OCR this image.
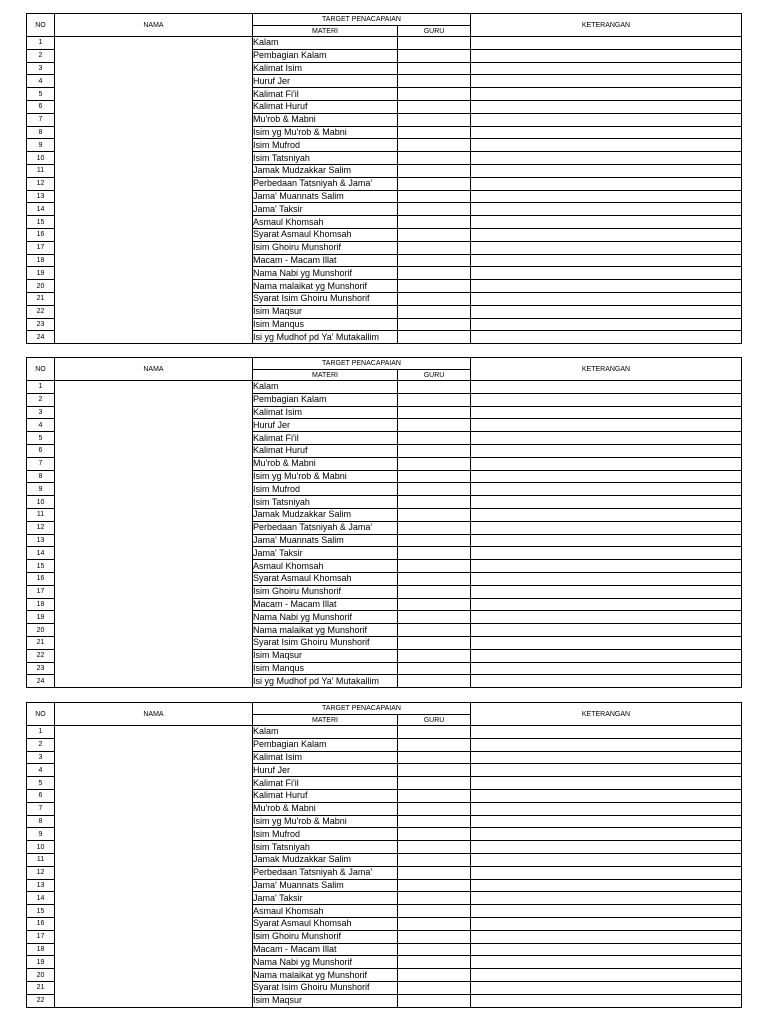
NO	NAMA	TARGET PENACAPAIAN		KETERANGAN
		MATERI	GURU	
1		Kalam		
2		Pembagian Kalam		
3		Kalimat Isim		
4		Huruf Jer		
5		Kalimat Fi'il		
6		Kalimat Huruf		
7		Mu'rob & Mabni		
8		Isim yg Mu'rob & Mabni		
9		Isim Mufrod		
10		Isim Tatsniyah		
11		Jamak Mudzakkar Salim		
12		Perbedaan Tatsniyah & Jama'		
13		Jama' Muannats Salim		
14		Jama' Taksir		
15		Asmaul Khomsah		
16		Syarat Asmaul Khomsah		
17		Isim Ghoiru Munshorif		
18		Macam - Macam Illat		
19		Nama Nabi yg Munshorif		
20		Nama malaikat yg Munshorif		
21		Syarat Isim Ghoiru Munshorif		
22		Isim Maqsur		
23		Isim Manqus		
24		Isi yg Mudhof pd Ya' Mutakallim		
NO	NAMA	TARGET PENACAPAIAN		KETERANGAN
		MATERI	GURU	
1		Kalam		
2		Pembagian Kalam		
3		Kalimat Isim		
4		Huruf Jer		
5		Kalimat Fi'il		
6		Kalimat Huruf		
7		Mu'rob & Mabni		
8		Isim yg Mu'rob & Mabni		
9		Isim Mufrod		
10		Isim Tatsniyah		
11		Jamak Mudzakkar Salim		
12		Perbedaan Tatsniyah & Jama'		
13		Jama' Muannats Salim		
14		Jama' Taksir		
15		Asmaul Khomsah		
16		Syarat Asmaul Khomsah		
17		Isim Ghoiru Munshorif		
18		Macam - Macam Illat		
19		Nama Nabi yg Munshorif		
20		Nama malaikat yg Munshorif		
21		Syarat Isim Ghoiru Munshorif		
22		Isim Maqsur		
23		Isim Manqus		
24		Isi yg Mudhof pd Ya' Mutakallim		
NO	NAMA	TARGET PENACAPAIAN		KETERANGAN
		MATERI	GURU	
1		Kalam		
2		Pembagian Kalam		
3		Kalimat Isim		
4		Huruf Jer		
5		Kalimat Fi'il		
6		Kalimat Huruf		
7		Mu'rob & Mabni		
8		Isim yg Mu'rob & Mabni		
9		Isim Mufrod		
10		Isim Tatsniyah		
11		Jamak Mudzakkar Salim		
12		Perbedaan Tatsniyah & Jama'		
13		Jama' Muannats Salim		
14		Jama' Taksir		
15		Asmaul Khomsah		
16		Syarat Asmaul Khomsah		
17		Isim Ghoiru Munshorif		
18		Macam - Macam Illat		
19		Nama Nabi yg Munshorif		
20		Nama malaikat yg Munshorif		
21		Syarat Isim Ghoiru Munshorif		
22		Isim Maqsur		
